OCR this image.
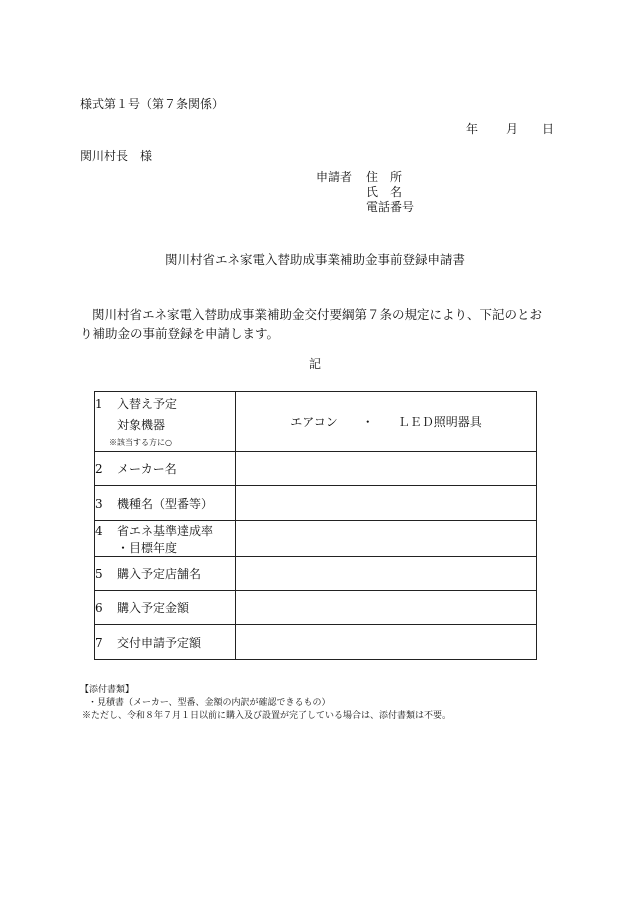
様式第１号（第７条関係）
年 月 日
関川村長　様
申請者	住　所
氏　名
電話番号
関川村省エネ家電入替助成事業補助金事前登録申請書
関川村省エネ家電入替助成事業補助金交付要綱第７条の規定により、下記のとおり補助金の事前登録を申請します。
記
1 入替え予定
対象機器
※該当する方に○	エアコン　　・　　ＬＥＤ照明器具
2 メーカー名	
3 機種名（型番等）	

4 省エネ基準達成率
・目標年度	

5 購入予定店舗名	
6 購入予定金額	
7 交付申請予定額	
【添付書類】
・見積書（メーカー、型番、金額の内訳が確認できるもの）
※ただし、令和８年７月１日以前に購入及び設置が完了している場合は、添付書類は不要。
